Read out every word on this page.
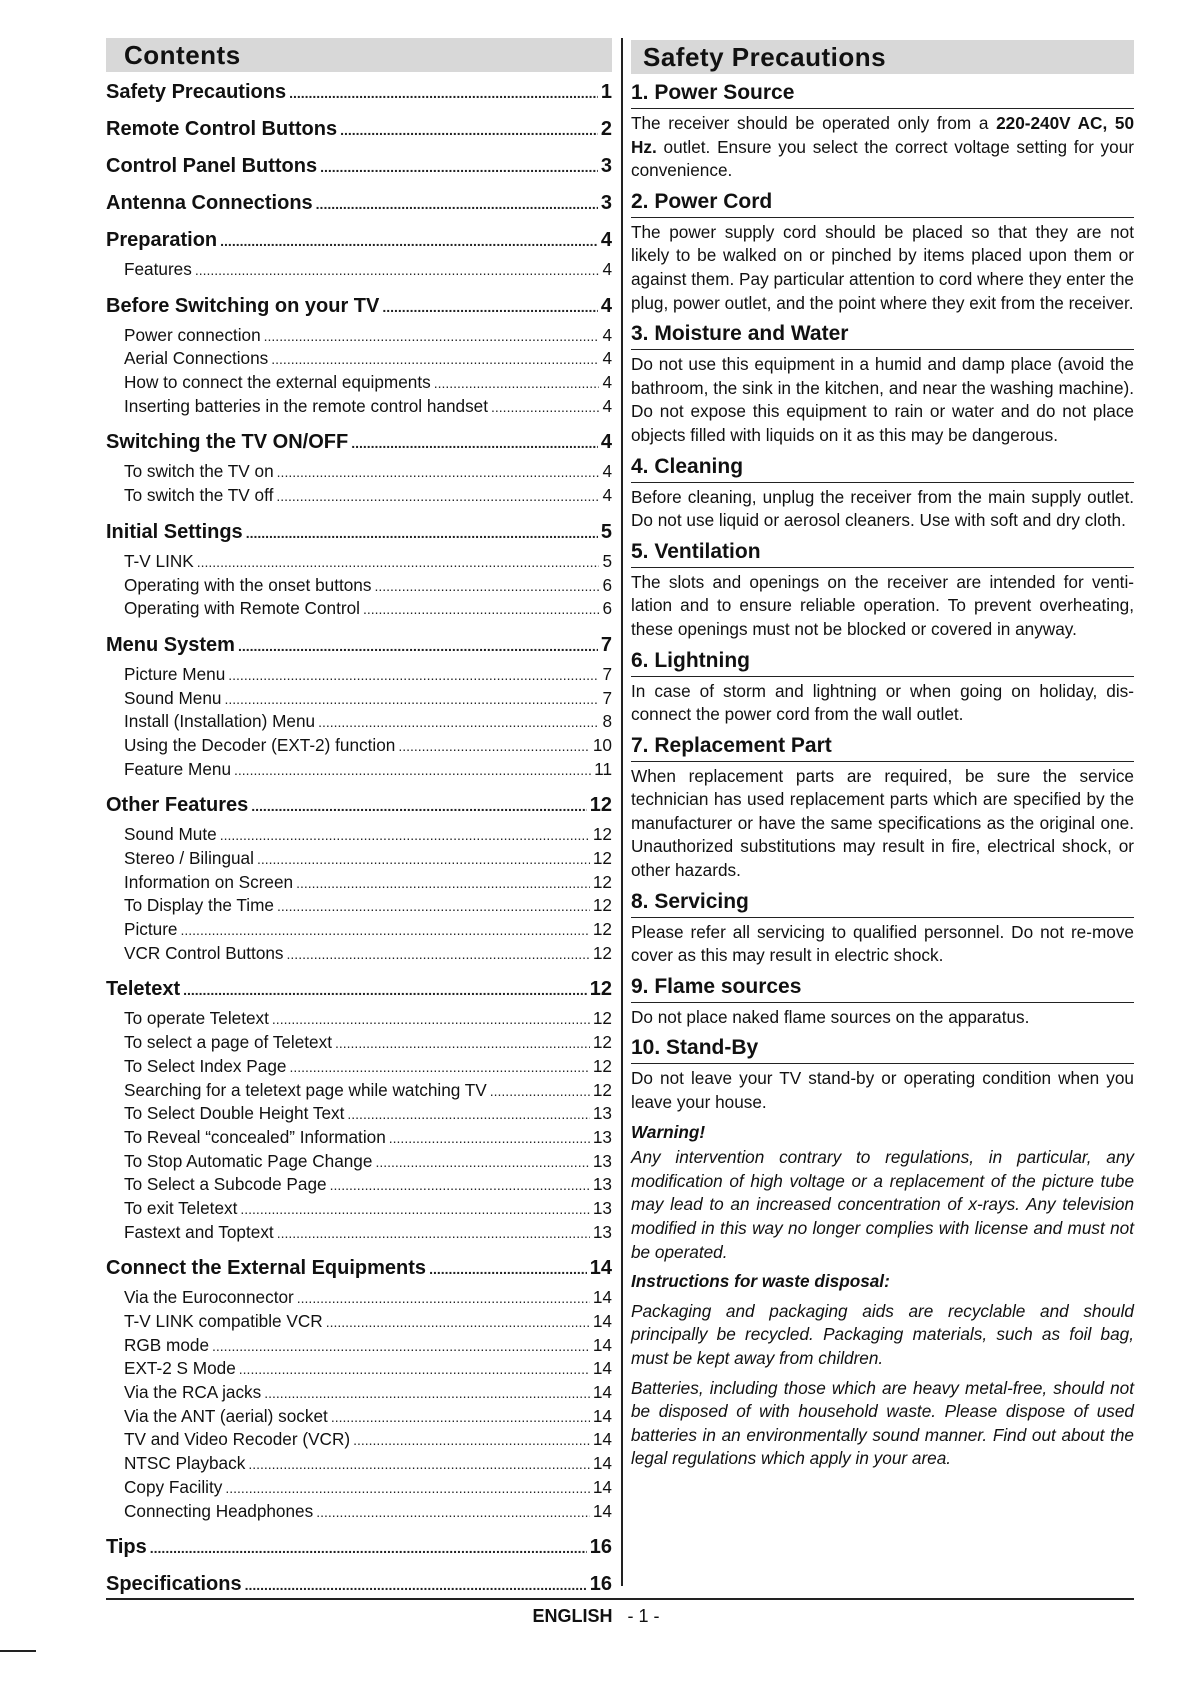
Contents
Safety Precautions .....	1
Remote Control Buttons .....	2
Control Panel Buttons .....	3
Antenna Connections .....	3
Preparation .....	4
Features .....	4
Before Switching on your TV .....	4
Power connection .....	4
Aerial Connections .....	4
How to connect the external equipments .....	4
Inserting batteries in the remote control handset .....	4
Switching the TV ON/OFF .....	4
To switch the TV on .....	4
To switch the TV off .....	4
Initial Settings .....	5
T-V LINK .....	5
Operating with the onset buttons .....	6
Operating with Remote Control .....	6
Menu System .....	7
Picture Menu .....	7
Sound Menu .....	7
Install (Installation) Menu .....	8
Using the Decoder (EXT-2) function .....	10
Feature Menu .....	11
Other Features .....	12
Sound Mute .....	12
Stereo / Bilingual .....	12
Information on Screen .....	12
To Display the Time .....	12
Picture .....	12
VCR Control Buttons .....	12
Teletext .....	12
To operate Teletext .....	12
To select a page of Teletext .....	12
To Select Index Page .....	12
Searching for a teletext page while watching TV .....	12
To Select Double Height Text .....	13
To Reveal “concealed” Information .....	13
To Stop Automatic Page Change .....	13
To Select a Subcode Page .....	13
To exit Teletext .....	13
Fastext and Toptext .....	13
Connect the External Equipments .....	14
Via the Euroconnector .....	14
T-V LINK compatible VCR .....	14
RGB mode .....	14
EXT-2 S Mode .....	14
Via the RCA jacks .....	14
Via the ANT (aerial) socket .....	14
TV and Video Recoder (VCR) .....	14
NTSC Playback .....	14
Copy Facility .....	14
Connecting Headphones .....	14
Tips .....	16
Specifications .....	16
Safety Precautions
1. Power Source

The receiver should be operated only from a 220-240V AC, 50 Hz. outlet. Ensure you select the correct voltage setting for your convenience.

2. Power Cord

The power supply cord should be placed so that they are not likely to be walked on or pinched by items placed upon them or against them. Pay particular attention to cord where they enter the plug, power outlet, and the point where they exit from the receiver.

3. Moisture and Water

Do not use this equipment in a humid and damp place (avoid the bathroom, the sink in the kitchen, and near the washing machine). Do not expose this equipment to rain or water and do not place objects filled with liquids on it as this may be dangerous.

4. Cleaning

Before cleaning, unplug the receiver from the main supply outlet. Do not use liquid or aerosol cleaners. Use with soft and dry cloth.

5. Ventilation

The slots and openings on the receiver are intended for venti-lation and to ensure reliable operation. To prevent overheating, these openings must not be blocked or covered in anyway.

6. Lightning

In case of storm and lightning or when going on holiday, dis-connect the power cord from the wall outlet.

7. Replacement Part

When replacement parts are required, be sure the service technician has used replacement parts which are specified by the manufacturer or have the same specifications as the original one. Unauthorized substitutions may result in fire, electrical shock, or other hazards.

8. Servicing

Please refer all servicing to qualified personnel. Do not re-move cover as this may result in electric shock.

9. Flame sources

Do not place naked flame sources on the apparatus.

10. Stand-By

Do not leave your TV stand-by or operating condition when you leave your house.

Warning!

Any intervention contrary to regulations, in particular, any modification of high voltage or a replacement of the picture tube may lead to an increased concentration of x-rays. Any television modified in this way no longer complies with license and must not be operated.

Instructions for waste disposal:

Packaging and packaging aids are recyclable and should principally be recycled. Packaging materials, such as foil bag, must be kept away from children.

Batteries, including those which are heavy metal-free, should not be disposed of with household waste. Please dispose of used batteries in an environmentally sound manner. Find out about the legal regulations which apply in your area.

ENGLISH - 1 -
